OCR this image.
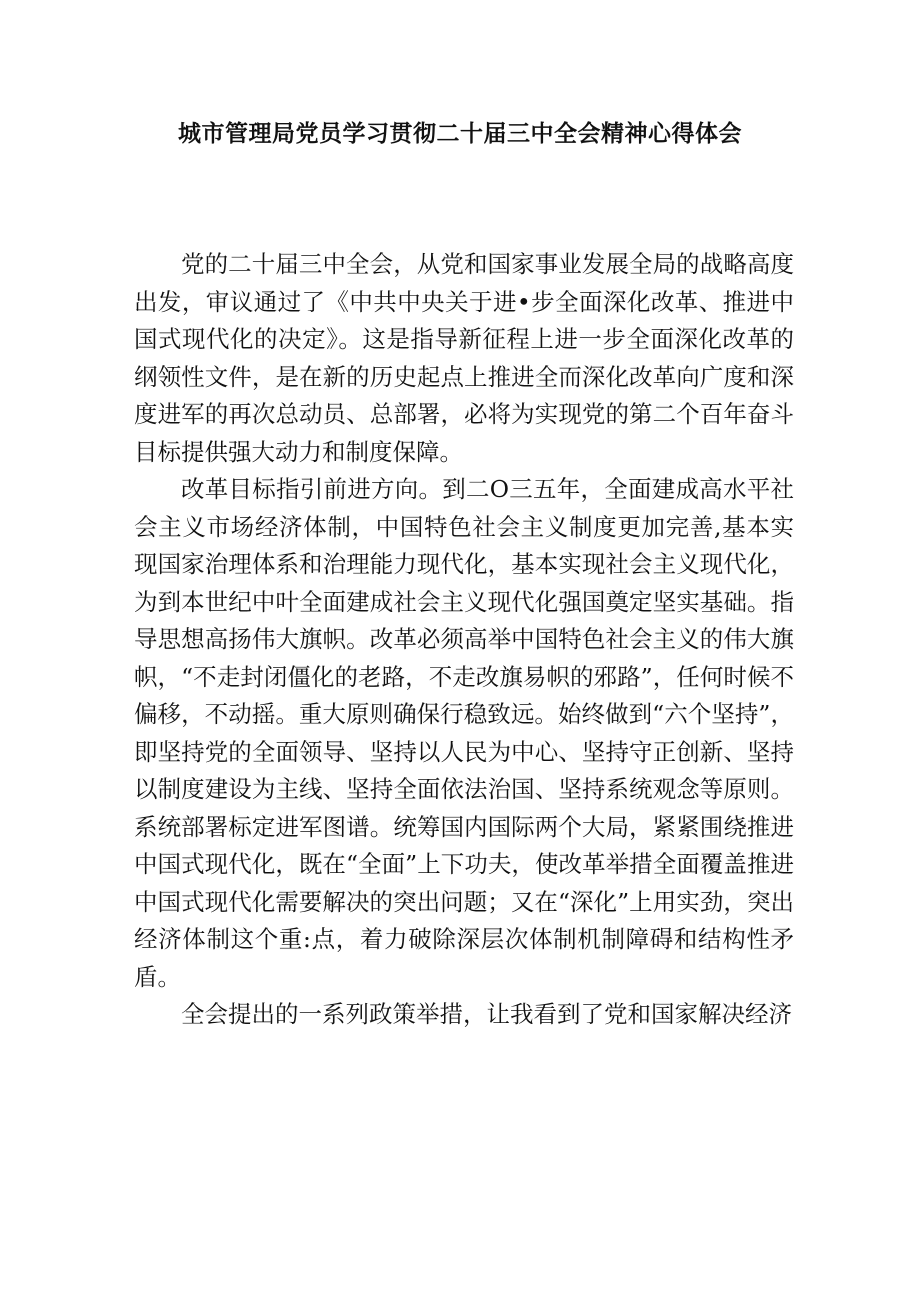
城市管理局党员学习贯彻二十届三中全会精神心得体会

党的二十届三中全会，从党和国家事业发展全局的战略高度出发，审议通过了《中共中央关于进•步全面深化改革、推进中国式现代化的决定》。这是指导新征程上进一步全面深化改革的纲领性文件，是在新的历史起点上推进全而深化改革向广度和深度进军的再次总动员、总部署，必将为实现党的第二个百年奋斗目标提供强大动力和制度保障。

改革目标指引前进方向。到二O三五年，全面建成高水平社会主义市场经济体制，中国特色社会主义制度更加完善,基本实现国家治理体系和治理能力现代化，基本实现社会主义现代化，为到本世纪中叶全面建成社会主义现代化强国奠定坚实基础。指导思想高扬伟大旗帜。改革必须高举中国特色社会主义的伟大旗帜，“不走封闭僵化的老路，不走改旗易帜的邪路”，任何时候不偏移，不动摇。重大原则确保行稳致远。始终做到“六个坚持”，即坚持党的全面领导、坚持以人民为中心、坚持守正创新、坚持以制度建设为主线、坚持全面依法治国、坚持系统观念等原则。系统部署标定进军图谱。统筹国内国际两个大局，紧紧围绕推进中国式现代化，既在“全面”上下功夫，使改革举措全面覆盖推进中国式现代化需要解决的突出问题；又在“深化”上用实劲，突出经济体制这个重:点，着力破除深层次体制机制障碍和结构性矛盾。

全会提出的一系列政策举措，让我看到了党和国家解决经济
